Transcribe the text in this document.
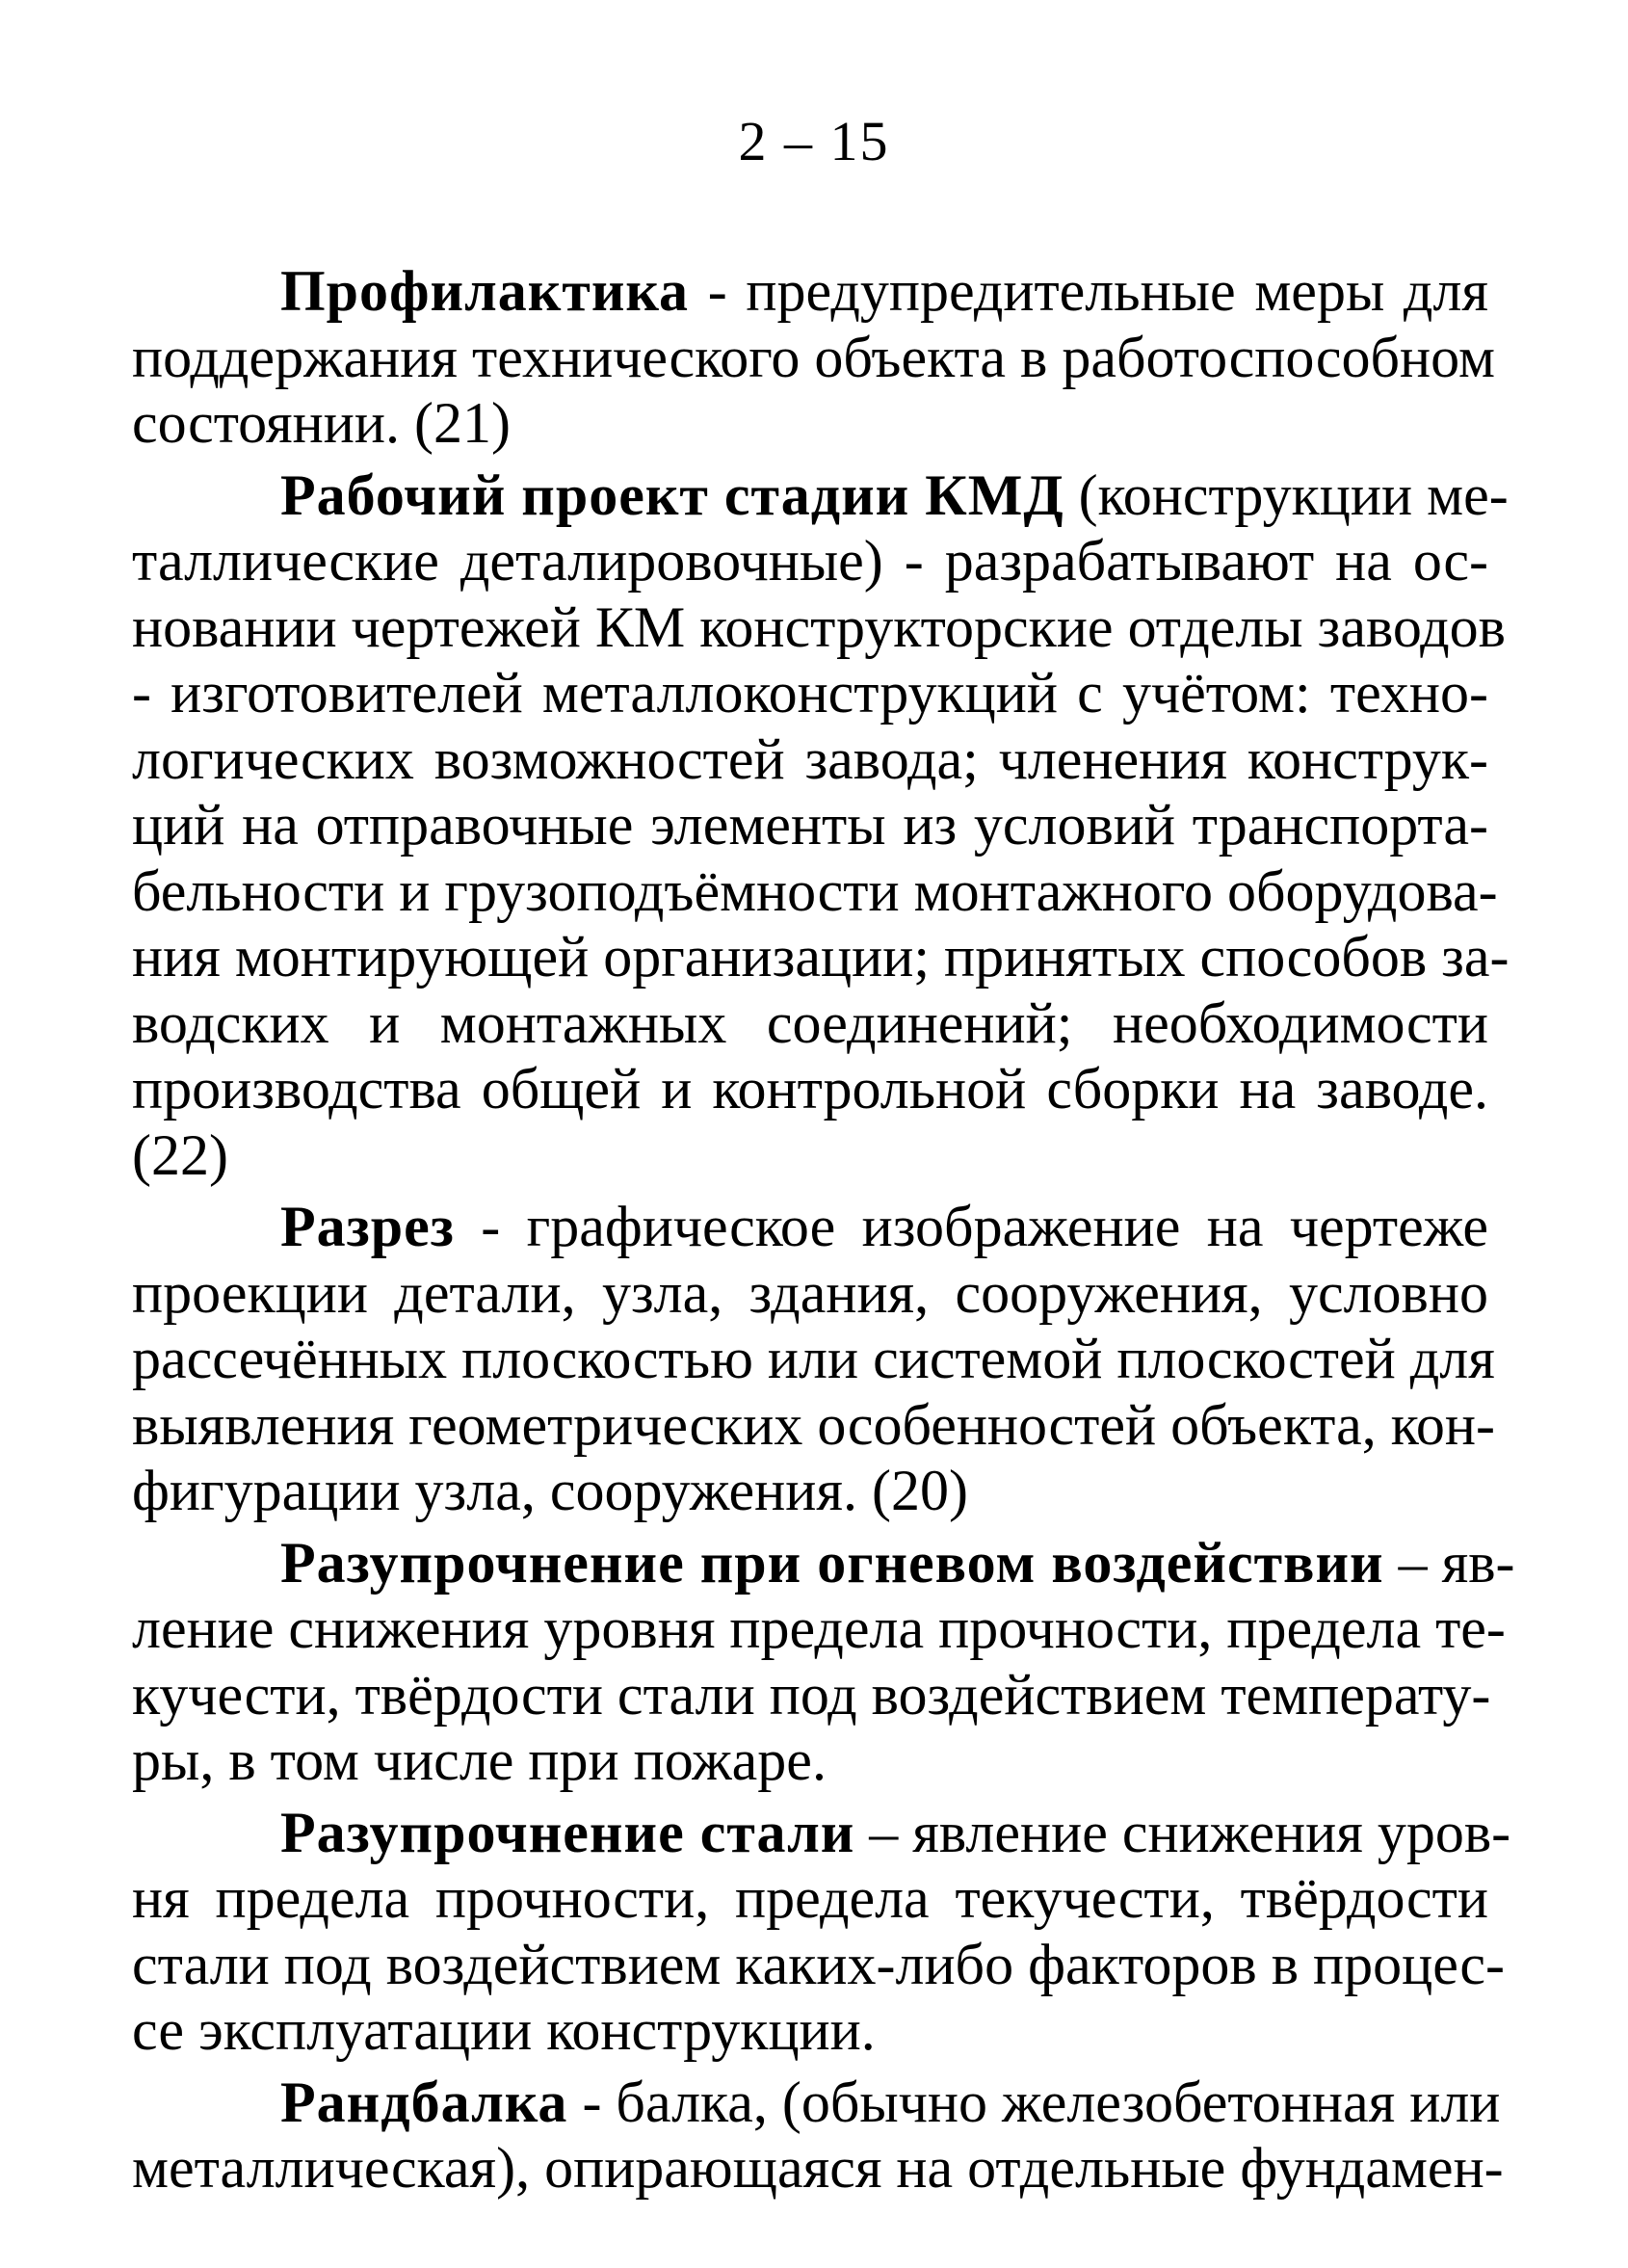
2 – 15
Профилактика - предупредительные меры для
поддержания технического объекта в работоспособном
состоянии. (21)
Рабочий проект стадии КМД (конструкции ме-
таллические деталировочные) - разрабатывают на ос-
новании чертежей КМ конструкторские отделы заводов
- изготовителей металлоконструкций с учётом: техно-
логических возможностей завода; членения конструк-
ций на отправочные элементы из условий транспорта-
бельности и грузоподъёмности монтажного оборудова-
ния монтирующей организации; принятых способов за-
водских и монтажных соединений; необходимости
производства общей и контрольной сборки на заводе.
(22)
Разрез - графическое изображение на чертеже
проекции детали, узла, здания, сооружения, условно
рассечённых плоскостью или системой плоскостей для
выявления геометрических особенностей объекта, кон-
фигурации узла, сооружения. (20)
Разупрочнение при огневом воздействии – яв-
ление снижения уровня предела прочности, предела те-
кучести, твёрдости стали под воздействием температу-
ры, в том числе при пожаре.
Разупрочнение стали – явление снижения уров-
ня предела прочности, предела текучести, твёрдости
стали под воздействием каких-либо факторов в процес-
се эксплуатации конструкции.
Рандбалка - балка, (обычно железобетонная или
металлическая), опирающаяся на отдельные фундамен-
